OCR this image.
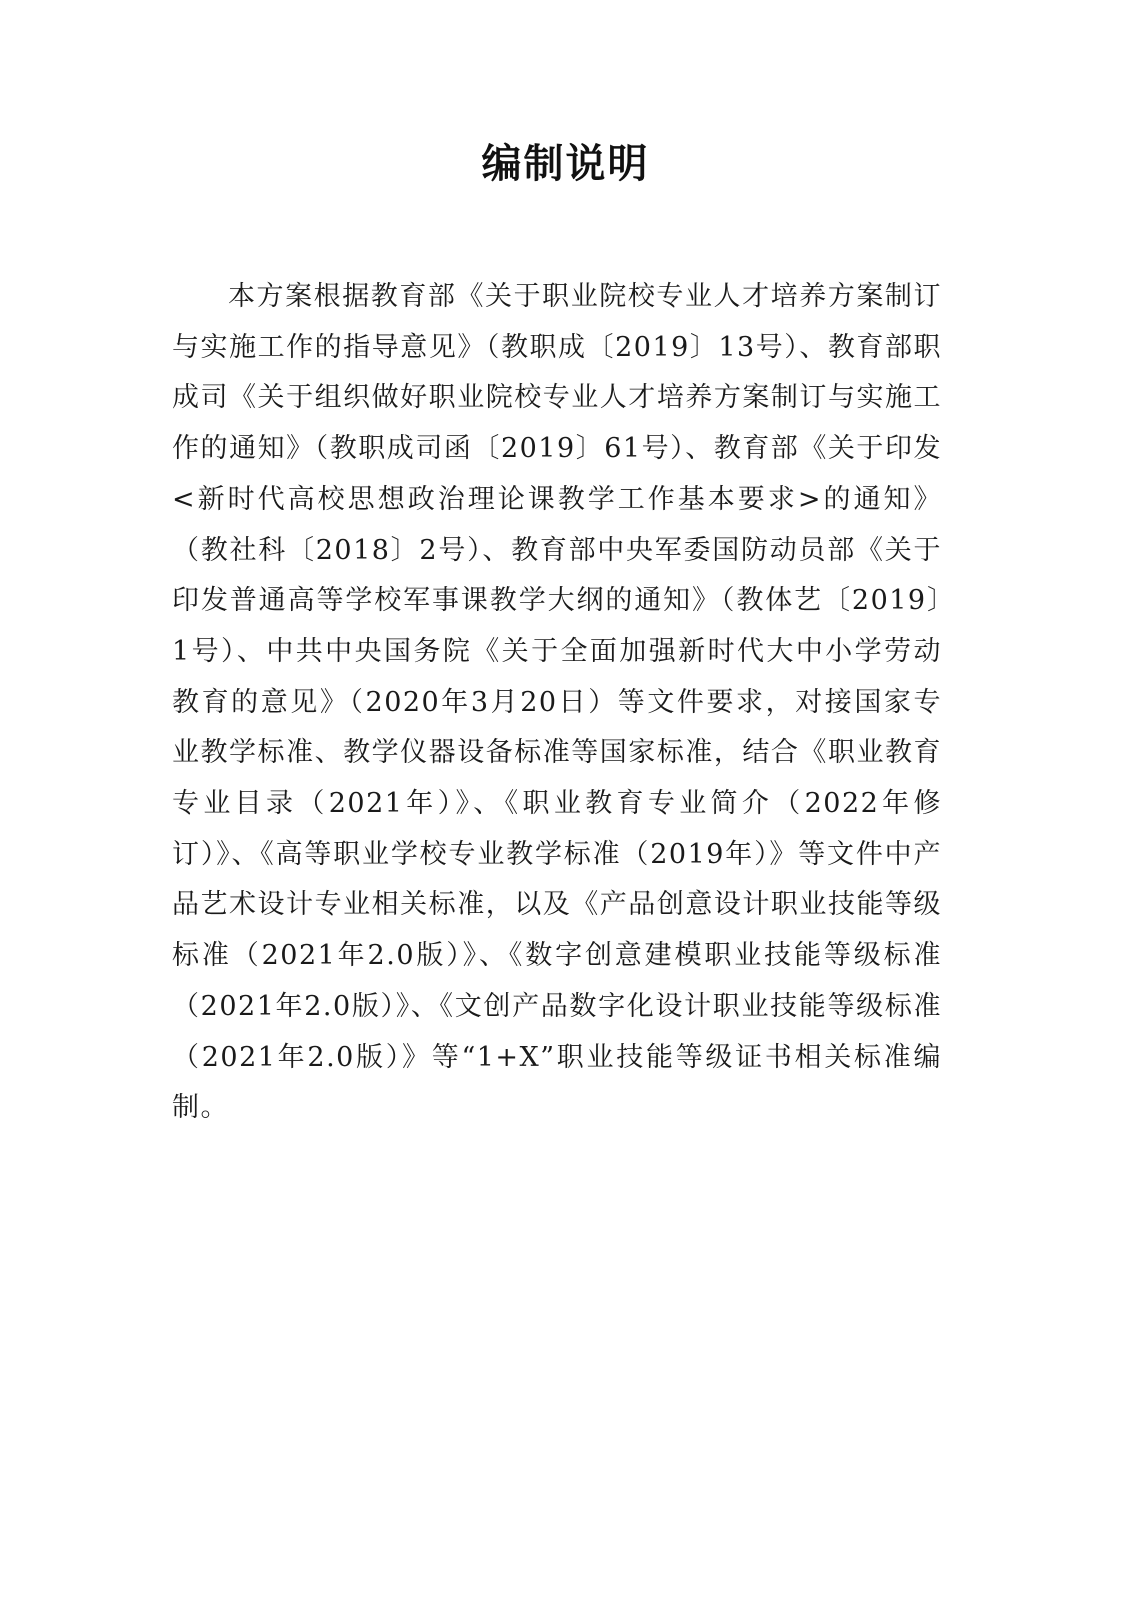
编制说明

本方案根据教育部《关于职业院校专业人才培养方案制订与实施工作的指导意见》（教职成〔2019〕13号）、教育部职成司《关于组织做好职业院校专业人才培养方案制订与实施工作的通知》（教职成司函〔2019〕61号）、教育部《关于印发<新时代高校思想政治理论课教学工作基本要求>的通知》（教社科〔2018〕2号）、教育部中央军委国防动员部《关于印发普通高等学校军事课教学大纲的通知》（教体艺〔2019〕1号）、中共中央国务院《关于全面加强新时代大中小学劳动教育的意见》（2020年3月20日）等文件要求，对接国家专业教学标准、教学仪器设备标准等国家标准，结合《职业教育专业目录（2021年）》、《职业教育专业简介（2022年修订）》、《高等职业学校专业教学标准（2019年）》等文件中产品艺术设计专业相关标准，以及《产品创意设计职业技能等级标准（2021年2.0版）》、《数字创意建模职业技能等级标准（2021年2.0版）》、《文创产品数字化设计职业技能等级标准（2021年2.0版）》等“1+X”职业技能等级证书相关标准编制。
